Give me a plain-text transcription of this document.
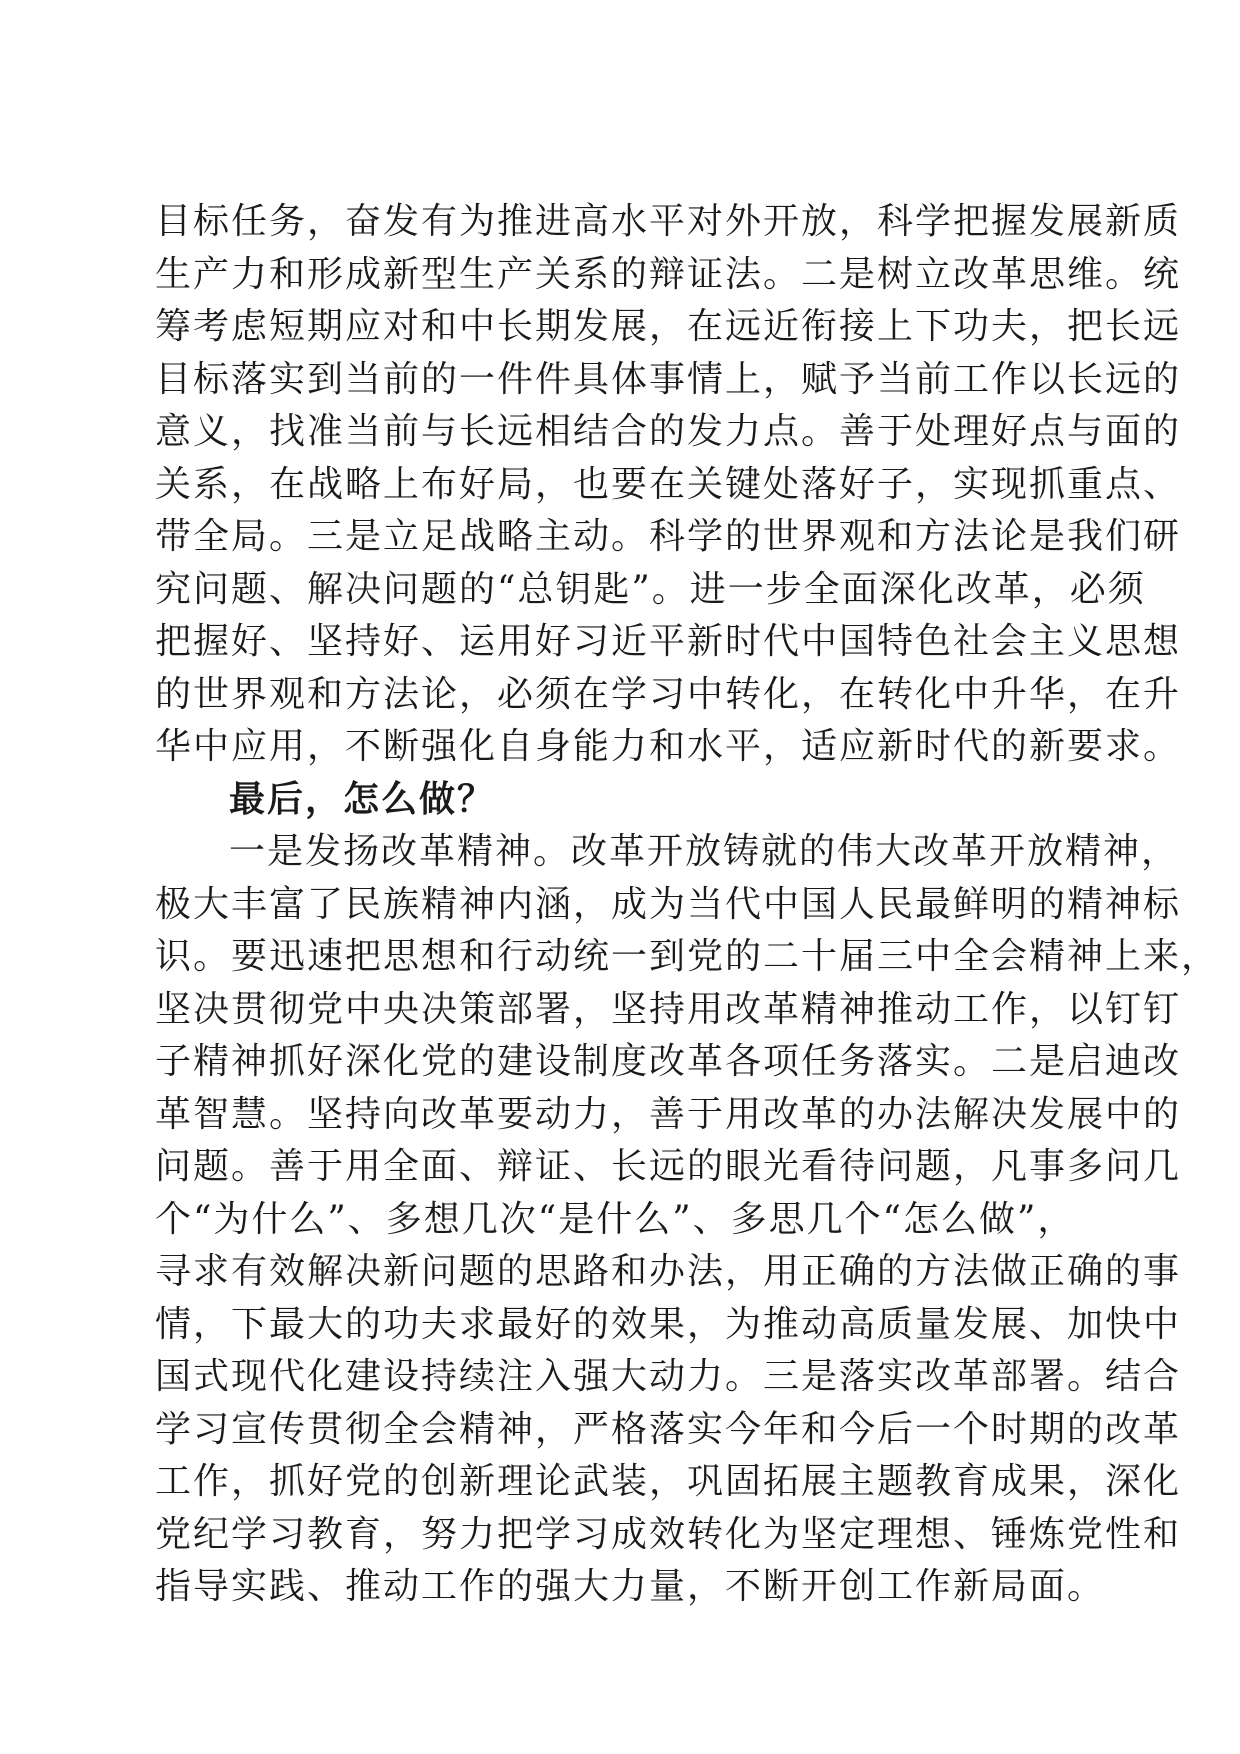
目标任务，奋发有为推进高水平对外开放，科学把握发展新质
生产力和形成新型生产关系的辩证法。二是树立改革思维。统
筹考虑短期应对和中长期发展，在远近衔接上下功夫，把长远
目标落实到当前的一件件具体事情上，赋予当前工作以长远的
意义，找准当前与长远相结合的发力点。善于处理好点与面的
关系，在战略上布好局，也要在关键处落好子，实现抓重点、
带全局。三是立足战略主动。科学的世界观和方法论是我们研
究问题、解决问题的“总钥匙”。进一步全面深化改革，必须
把握好、坚持好、运用好习近平新时代中国特色社会主义思想
的世界观和方法论，必须在学习中转化，在转化中升华，在升
华中应用，不断强化自身能力和水平，适应新时代的新要求。
最后，怎么做？
一是发扬改革精神。改革开放铸就的伟大改革开放精神，
极大丰富了民族精神内涵，成为当代中国人民最鲜明的精神标
识。要迅速把思想和行动统一到党的二十届三中全会精神上来，
坚决贯彻党中央决策部署，坚持用改革精神推动工作，以钉钉
子精神抓好深化党的建设制度改革各项任务落实。二是启迪改
革智慧。坚持向改革要动力，善于用改革的办法解决发展中的
问题。善于用全面、辩证、长远的眼光看待问题，凡事多问几
个“为什么”、多想几次“是什么”、多思几个“怎么做”，
寻求有效解决新问题的思路和办法，用正确的方法做正确的事
情，下最大的功夫求最好的效果，为推动高质量发展、加快中
国式现代化建设持续注入强大动力。三是落实改革部署。结合
学习宣传贯彻全会精神，严格落实今年和今后一个时期的改革
工作，抓好党的创新理论武装，巩固拓展主题教育成果，深化
党纪学习教育，努力把学习成效转化为坚定理想、锤炼党性和
指导实践、推动工作的强大力量，不断开创工作新局面。
